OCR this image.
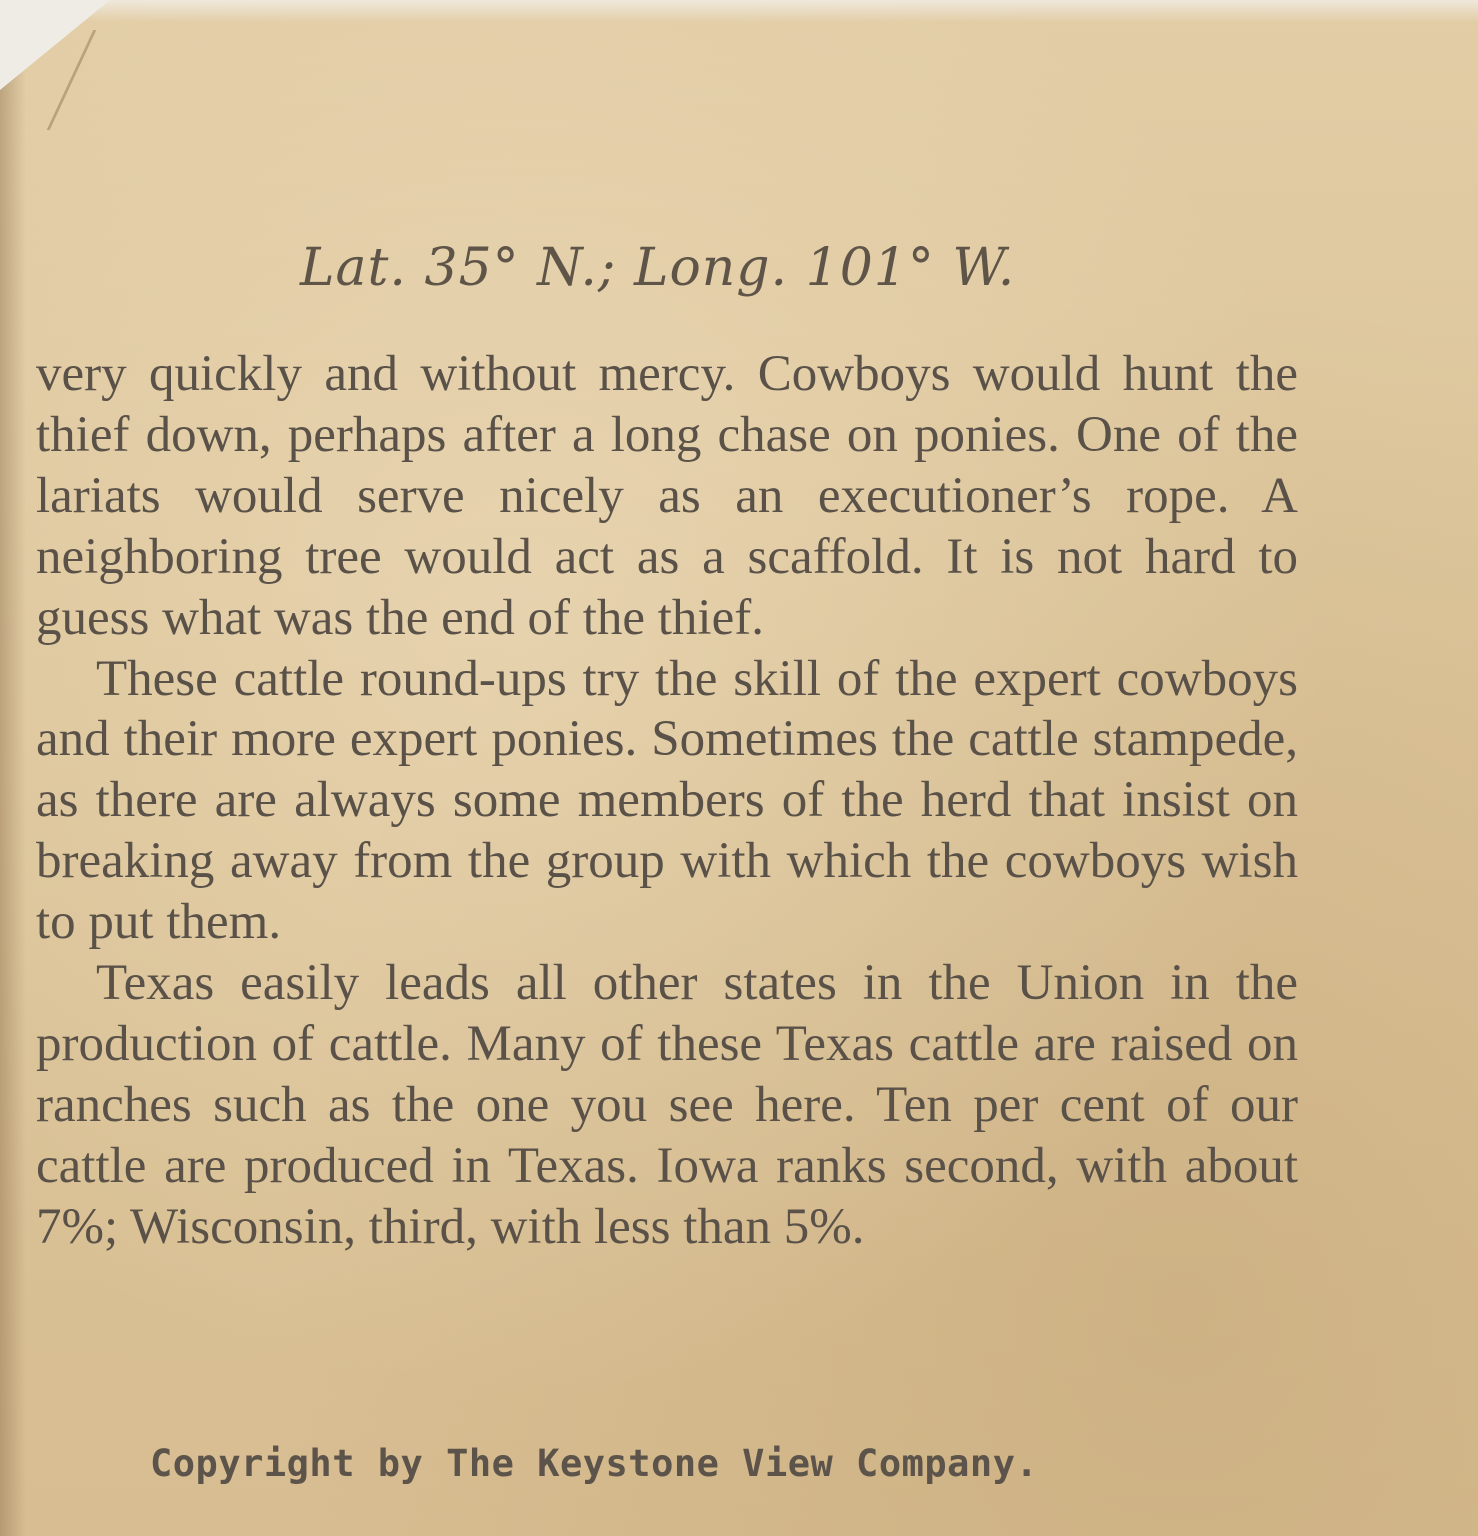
Lat. 35° N.; Long. 101° W.

very quickly and without mercy. Cowboys would hunt the thief down, perhaps after a long chase on ponies. One of the lariats would serve nicely as an executioner’s rope. A neighboring tree would act as a scaffold. It is not hard to guess what was the end of the thief.

These cattle round-ups try the skill of the expert cowboys and their more expert ponies. Sometimes the cattle stampede, as there are always some members of the herd that insist on breaking away from the group with which the cowboys wish to put them.

Texas easily leads all other states in the Union in the production of cattle. Many of these Texas cattle are raised on ranches such as the one you see here. Ten per cent of our cattle are produced in Texas. Iowa ranks second, with about 7%; Wisconsin, third, with less than 5%.

Copyright by The Keystone View Company.
